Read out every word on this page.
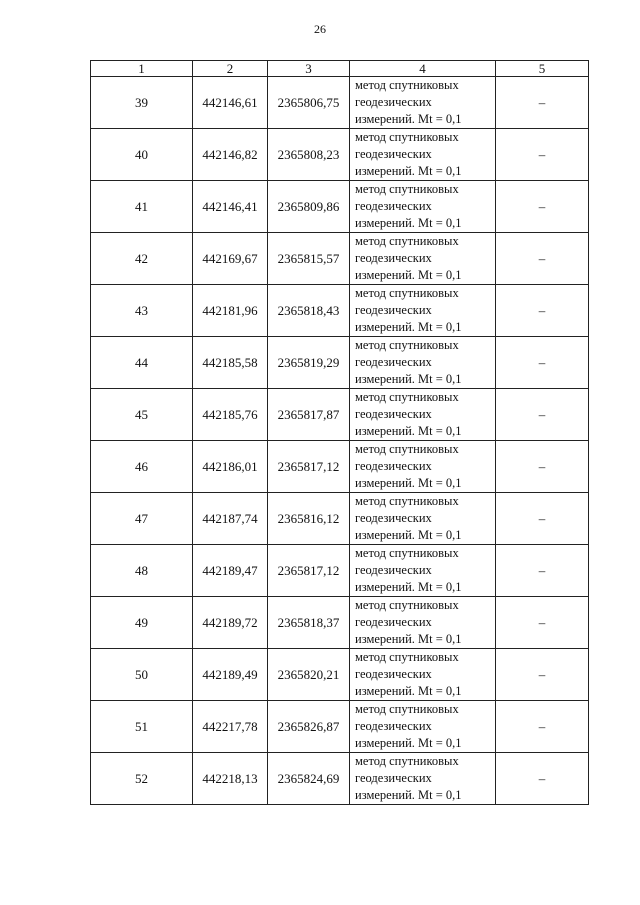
26
1	2	3	4	5
39	442146,61	2365806,75	метод спутниковых
геодезических
измерений. Mt = 0,1	–
40	442146,82	2365808,23	метод спутниковых
геодезических
измерений. Mt = 0,1	–
41	442146,41	2365809,86	метод спутниковых
геодезических
измерений. Mt = 0,1	–
42	442169,67	2365815,57	метод спутниковых
геодезических
измерений. Mt = 0,1	–
43	442181,96	2365818,43	метод спутниковых
геодезических
измерений. Mt = 0,1	–
44	442185,58	2365819,29	метод спутниковых
геодезических
измерений. Mt = 0,1	–
45	442185,76	2365817,87	метод спутниковых
геодезических
измерений. Mt = 0,1	–
46	442186,01	2365817,12	метод спутниковых
геодезических
измерений. Mt = 0,1	–
47	442187,74	2365816,12	метод спутниковых
геодезических
измерений. Mt = 0,1	–
48	442189,47	2365817,12	метод спутниковых
геодезических
измерений. Mt = 0,1	–
49	442189,72	2365818,37	метод спутниковых
геодезических
измерений. Mt = 0,1	–
50	442189,49	2365820,21	метод спутниковых
геодезических
измерений. Mt = 0,1	–
51	442217,78	2365826,87	метод спутниковых
геодезических
измерений. Mt = 0,1	–
52	442218,13	2365824,69	метод спутниковых
геодезических
измерений. Mt = 0,1	–
